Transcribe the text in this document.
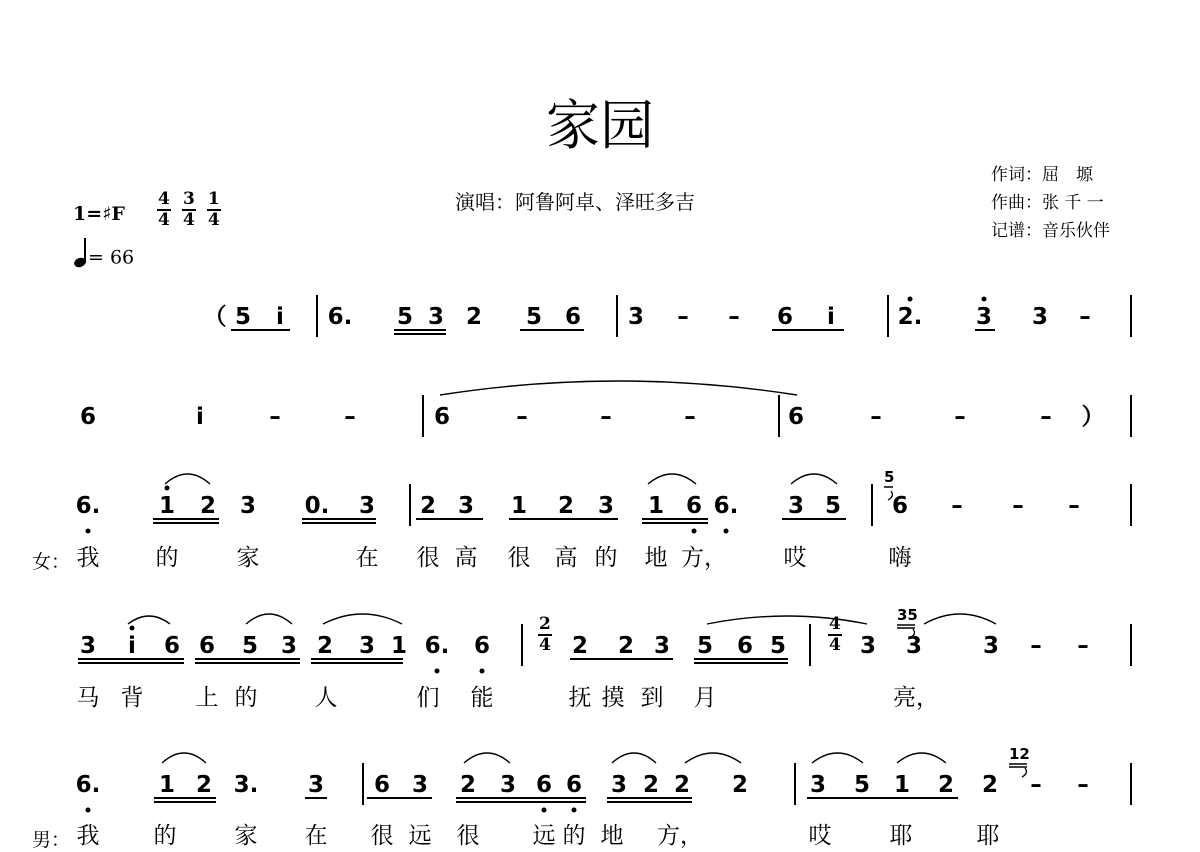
家园
演唱：阿鲁阿卓、泽旺多吉
作词：屈　塬
作曲：张 千 一
记谱：音乐伙伴
1=♯F $\frac{4}{4}$
$\frac{3}{4}$
$\frac{1}{4}$
= 66
（ 5 i 6. 5 3 2 5 6 3 – – 6 i	2. 3 3 –
6	i	–	–	6	–	–	–	6	–	–	– ）
6.	1 2 3 0. 3 2 3 1 2 3 1 6 6. 3 5 6 – – –
女： 我 的	家	在 很 高 很 高 的 地 方， 哎	嗨
3 i 6 6 5 3 2 3 1 6. 6	2 2 3 5 6 5	3 3	3 – –
马 背 上 的 人	们 能	抚 摸 到 月	亮，
6.	1 2 3. 3 6 3 2 3 6 6 3 2 2 2	3 5 1 2 2 – –
男： 我 的	家 在 很 远 很 远 的 地 方，	哎	耶	耶
5
35
12
$\frac{2}{4}$	$\frac{4}{4}$
